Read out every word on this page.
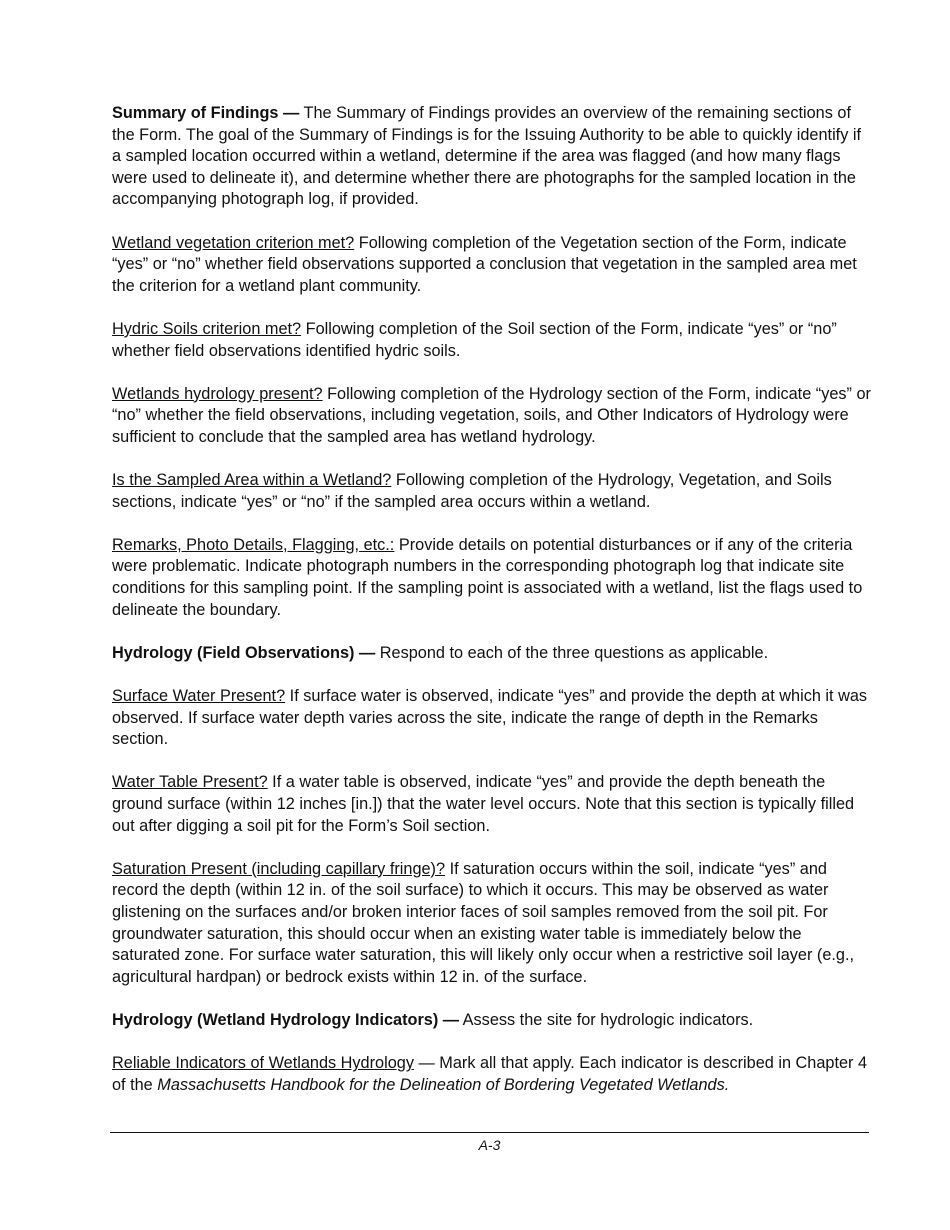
Summary of Findings — The Summary of Findings provides an overview of the remaining sections of the Form. The goal of the Summary of Findings is for the Issuing Authority to be able to quickly identify if a sampled location occurred within a wetland, determine if the area was flagged (and how many flags were used to delineate it), and determine whether there are photographs for the sampled location in the accompanying photograph log, if provided.

Wetland vegetation criterion met? Following completion of the Vegetation section of the Form, indicate “yes” or “no” whether field observations supported a conclusion that vegetation in the sampled area met the criterion for a wetland plant community.

Hydric Soils criterion met? Following completion of the Soil section of the Form, indicate “yes” or “no” whether field observations identified hydric soils.

Wetlands hydrology present? Following completion of the Hydrology section of the Form, indicate “yes” or “no” whether the field observations, including vegetation, soils, and Other Indicators of Hydrology were sufficient to conclude that the sampled area has wetland hydrology.

Is the Sampled Area within a Wetland? Following completion of the Hydrology, Vegetation, and Soils sections, indicate “yes” or “no” if the sampled area occurs within a wetland.

Remarks, Photo Details, Flagging, etc.: Provide details on potential disturbances or if any of the criteria were problematic. Indicate photograph numbers in the corresponding photograph log that indicate site conditions for this sampling point. If the sampling point is associated with a wetland, list the flags used to delineate the boundary.

Hydrology (Field Observations) — Respond to each of the three questions as applicable.

Surface Water Present? If surface water is observed, indicate “yes” and provide the depth at which it was observed. If surface water depth varies across the site, indicate the range of depth in the Remarks section.

Water Table Present? If a water table is observed, indicate “yes” and provide the depth beneath the ground surface (within 12 inches [in.]) that the water level occurs. Note that this section is typically filled out after digging a soil pit for the Form’s Soil section.

Saturation Present (including capillary fringe)? If saturation occurs within the soil, indicate “yes” and record the depth (within 12 in. of the soil surface) to which it occurs. This may be observed as water glistening on the surfaces and/or broken interior faces of soil samples removed from the soil pit. For groundwater saturation, this should occur when an existing water table is immediately below the saturated zone. For surface water saturation, this will likely only occur when a restrictive soil layer (e.g., agricultural hardpan) or bedrock exists within 12 in. of the surface.

Hydrology (Wetland Hydrology Indicators) — Assess the site for hydrologic indicators.

Reliable Indicators of Wetlands Hydrology — Mark all that apply. Each indicator is described in Chapter 4 of the Massachusetts Handbook for the Delineation of Bordering Vegetated Wetlands.

A-3
